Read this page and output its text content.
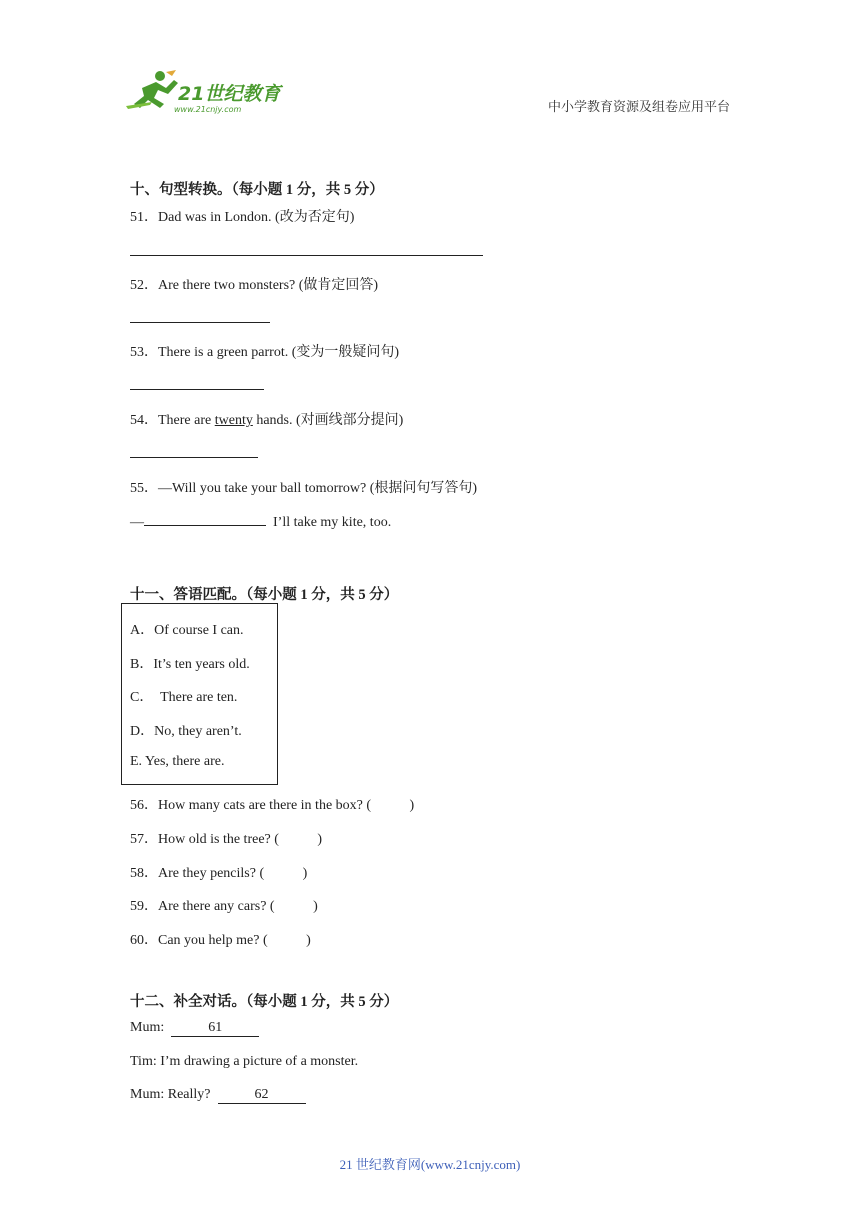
21世纪教育
www.21cnjy.com	中小学教育资源及组卷应用平台
十、句型转换。（每小题 1 分，共 5 分）
51．Dad was in London. (改为否定句)
52．Are there two monsters? (做肯定回答)
53．There is a green parrot. (变为一般疑问句)
54．There are twenty hands. (对画线部分提问)
55．—Will you take your ball tomorrow? (根据问句写答句)
—	I’ll take my kite, too.
十一、答语匹配。（每小题 1 分，共 5 分）
A．Of course I can.
B．It’s ten years old.
C．  There are ten.
D．No, they aren’t.
E. Yes, there are.
56．How many cats are there in the box? (           )
57．How old is the tree? (           )
58．Are they pencils? (           )
59．Are there any cars? (           )
60．Can you help me? (           )
十二、补全对话。（每小题 1 分，共 5 分）
Mum:	61
Tim: I’m drawing a picture of a monster.
Mum: Really?	62
21 世纪教育网(www.21cnjy.com)
